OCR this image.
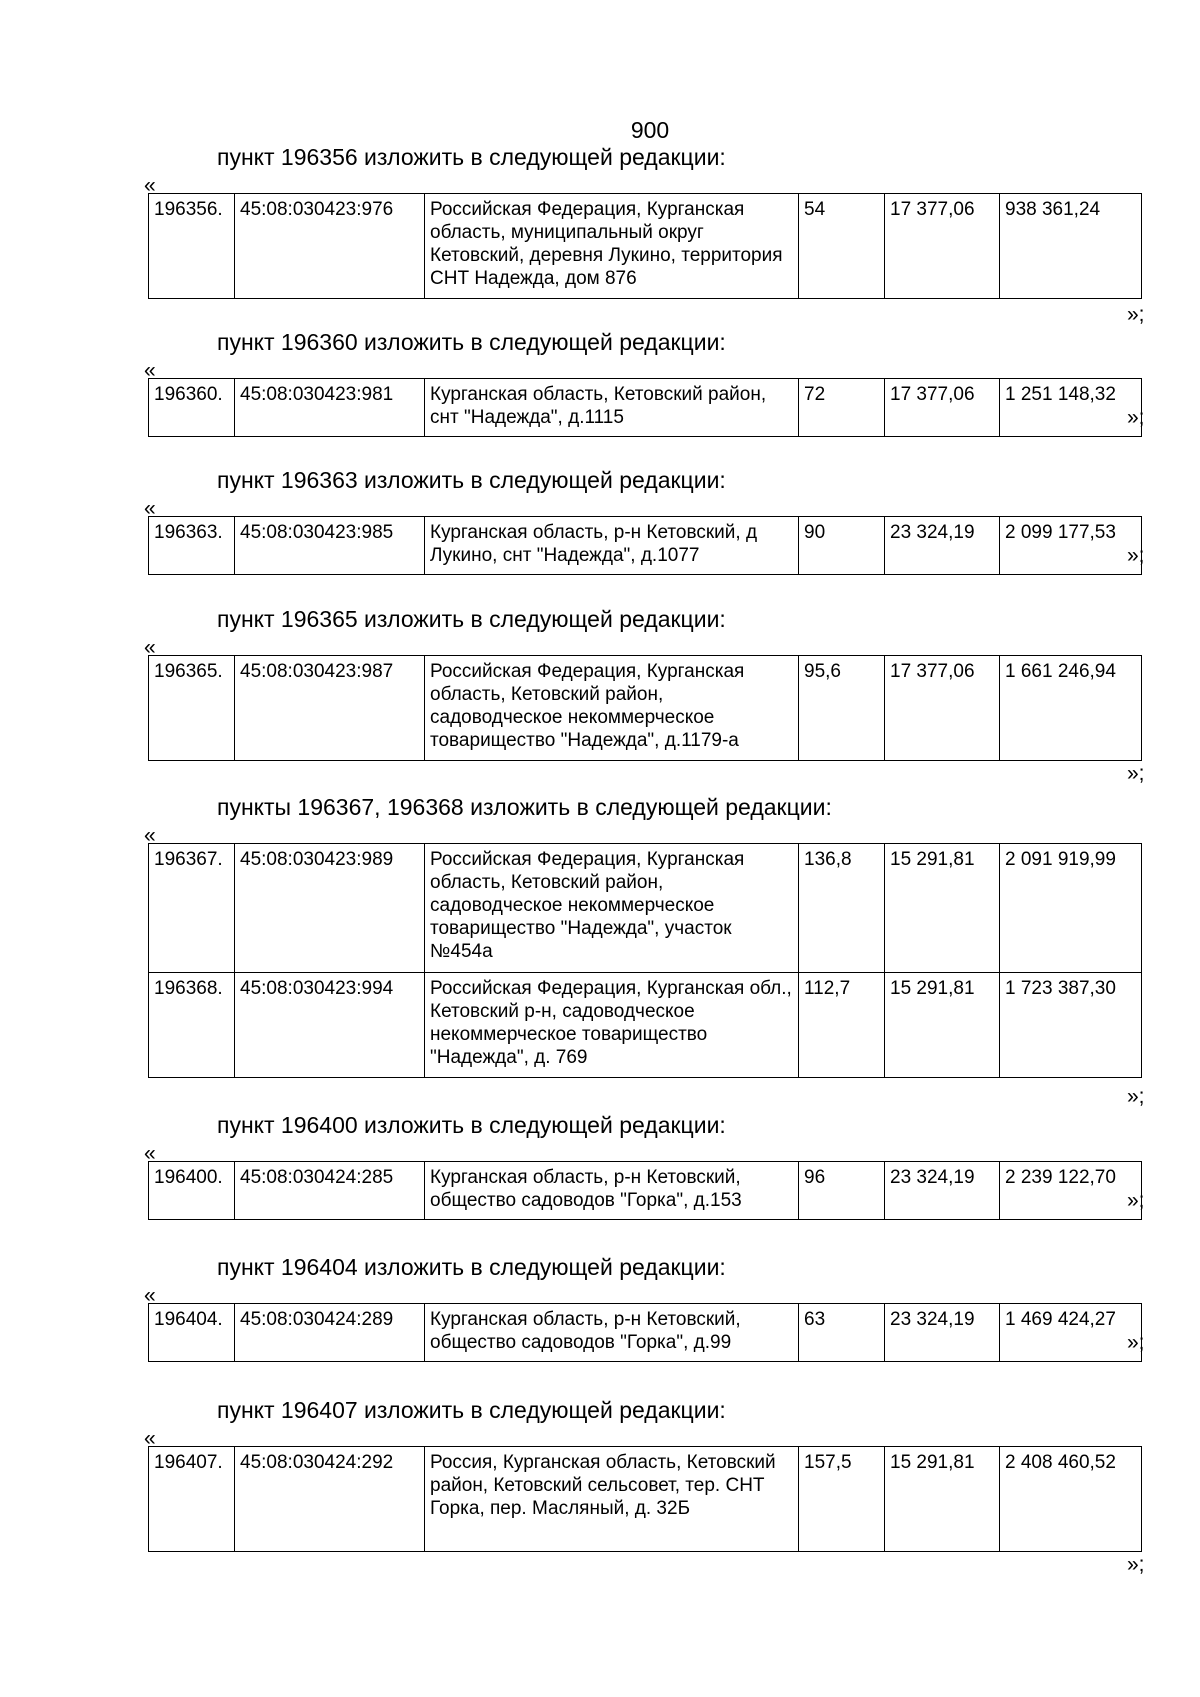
900
пункт 196356 изложить в следующей редакции:
«
196356.	45:08:030423:976	Российская Федерация, Курганская область, муниципальный округ Кетовский, деревня Лукино, территория СНТ Надежда, дом 876	54	17 377,06	938 361,24
»;
пункт 196360 изложить в следующей редакции:
«
196360.	45:08:030423:981	Курганская область, Кетовский район, снт "Надежда", д.1115	72	17 377,06	1 251 148,32
»;
пункт 196363 изложить в следующей редакции:
«
196363.	45:08:030423:985	Курганская область, р-н Кетовский, д Лукино, снт "Надежда", д.1077	90	23 324,19	2 099 177,53
»;
пункт 196365 изложить в следующей редакции:
«
196365.	45:08:030423:987	Российская Федерация, Курганская область, Кетовский район, садоводческое некоммерческое товарищество "Надежда", д.1179-а	95,6	17 377,06	1 661 246,94
»;
пункты 196367, 196368 изложить в следующей редакции:
«
196367.	45:08:030423:989	Российская Федерация, Курганская область, Кетовский район, садоводческое некоммерческое товарищество "Надежда", участок №454а	136,8	15 291,81	2 091 919,99
196368.	45:08:030423:994	Российская Федерация, Курганская обл., Кетовский р-н, садоводческое некоммерческое товарищество "Надежда", д. 769	112,7	15 291,81	1 723 387,30
»;
пункт 196400 изложить в следующей редакции:
«
196400.	45:08:030424:285	Курганская область, р-н Кетовский, общество садоводов "Горка", д.153	96	23 324,19	2 239 122,70
»;
пункт 196404 изложить в следующей редакции:
«
196404.	45:08:030424:289	Курганская область, р-н Кетовский, общество садоводов "Горка", д.99	63	23 324,19	1 469 424,27
»;
пункт 196407 изложить в следующей редакции:
«
196407.	45:08:030424:292	Россия, Курганская область, Кетовский район, Кетовский сельсовет, тер. СНТ Горка, пер. Масляный, д. 32Б	157,5	15 291,81	2 408 460,52
»;
